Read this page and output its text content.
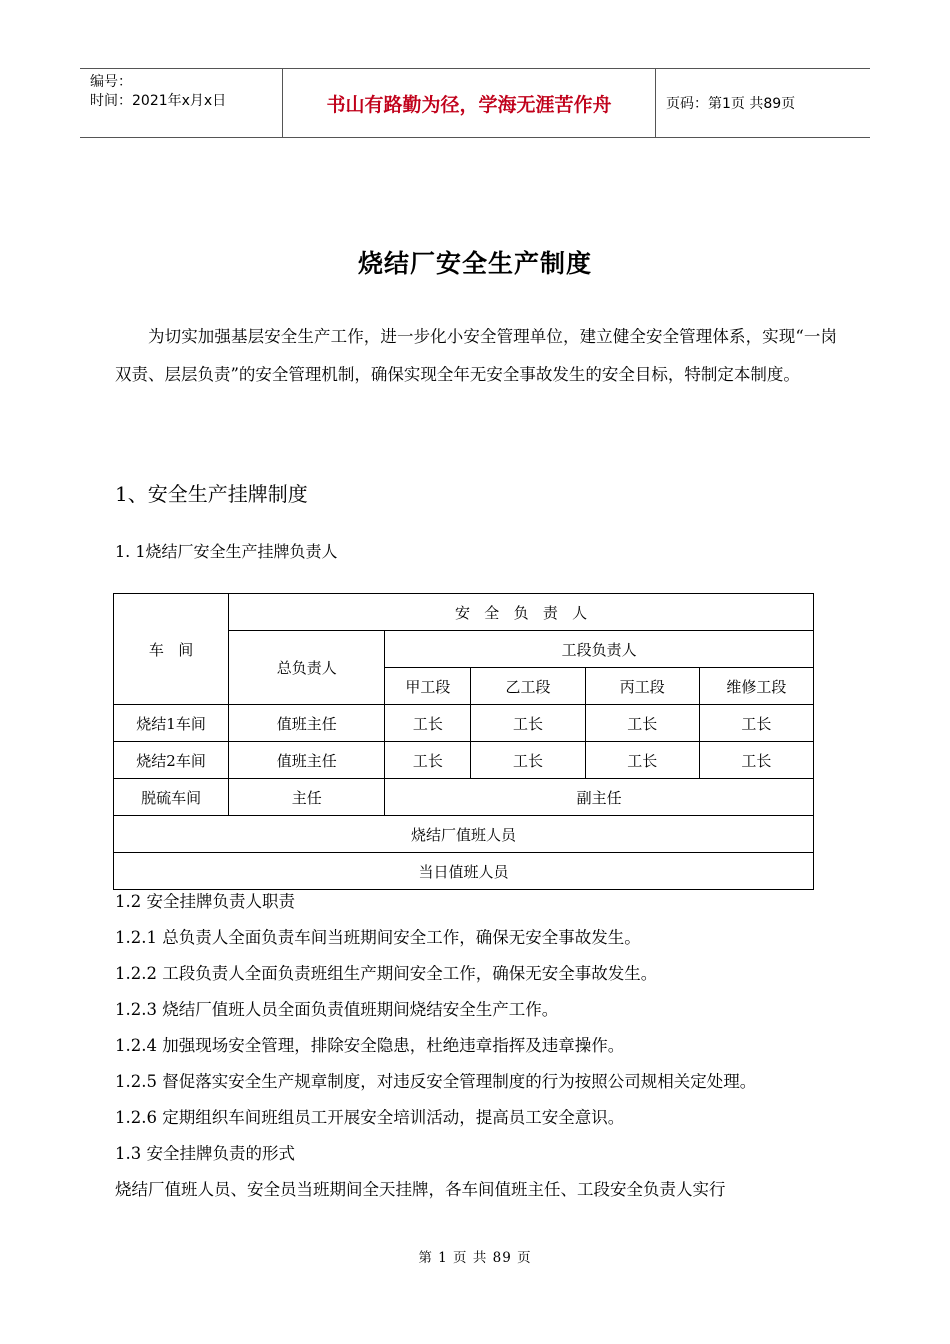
编号：
时间：2021年x月x日	书山有路勤为径，学海无涯苦作舟	页码：第1页 共89页
烧结厂安全生产制度
为切实加强基层安全生产工作，进一步化小安全管理单位，建立健全安全管理体系，实现“一岗双责、层层负责”的安全管理机制，确保实现全年无安全事故发生的安全目标，特制定本制度。
1、安全生产挂牌制度
1. 1烧结厂安全生产挂牌负责人
车   间	安   全   负   责   人				
	总负责人	工段负责人			
		甲工段	乙工段	丙工段	维修工段
烧结1车间	值班主任	工长	工长	工长	工长
烧结2车间	值班主任	工长	工长	工长	工长
脱硫车间	主任	副主任			
烧结厂值班人员					
当日值班人员					
1.2 安全挂牌负责人职责
1.2.1 总负责人全面负责车间当班期间安全工作，确保无安全事故发生。
1.2.2 工段负责人全面负责班组生产期间安全工作，确保无安全事故发生。
1.2.3 烧结厂值班人员全面负责值班期间烧结安全生产工作。
1.2.4 加强现场安全管理，排除安全隐患，杜绝违章指挥及违章操作。
1.2.5 督促落实安全生产规章制度，对违反安全管理制度的行为按照公司规相关定处理。
1.2.6 定期组织车间班组员工开展安全培训活动，提高员工安全意识。
1.3 安全挂牌负责的形式
烧结厂值班人员、安全员当班期间全天挂牌，各车间值班主任、工段安全负责人实行
第 1 页 共 89 页
